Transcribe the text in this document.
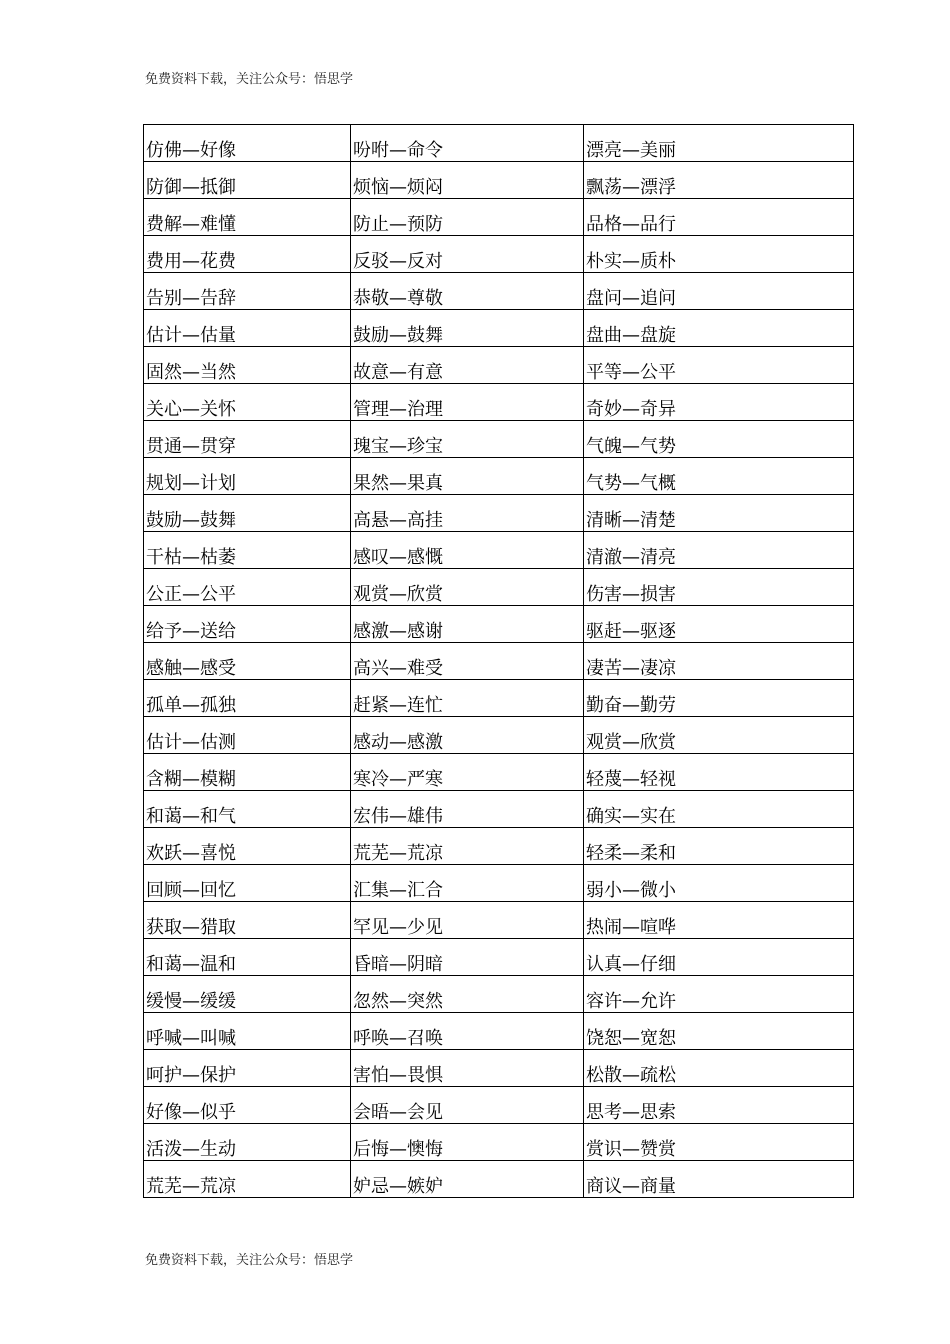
免费资料下载，关注公众号：悟思学
仿佛—好像	吩咐—命令	漂亮—美丽
防御—抵御	烦恼—烦闷	飘荡—漂浮
费解—难懂	防止—预防	品格—品行
费用—花费	反驳—反对	朴实—质朴
告别—告辞	恭敬—尊敬	盘问—追问
估计—估量	鼓励—鼓舞	盘曲—盘旋
固然—当然	故意—有意	平等—公平
关心—关怀	管理—治理	奇妙—奇异
贯通—贯穿	瑰宝—珍宝	气魄—气势
规划—计划	果然—果真	气势—气概
鼓励—鼓舞	高悬—高挂	清晰—清楚
干枯—枯萎	感叹—感慨	清澈—清亮
公正—公平	观赏—欣赏	伤害—损害
给予—送给	感激—感谢	驱赶—驱逐
感触—感受	高兴—难受	凄苦—凄凉
孤单—孤独	赶紧—连忙	勤奋—勤劳
估计—估测	感动—感激	观赏—欣赏
含糊—模糊	寒冷—严寒	轻蔑—轻视
和蔼—和气	宏伟—雄伟	确实—实在
欢跃—喜悦	荒芜—荒凉	轻柔—柔和
回顾—回忆	汇集—汇合	弱小—微小
获取—猎取	罕见—少见	热闹—喧哗
和蔼—温和	昏暗—阴暗	认真—仔细
缓慢—缓缓	忽然—突然	容许—允许
呼喊—叫喊	呼唤—召唤	饶恕—宽恕
呵护—保护	害怕—畏惧	松散—疏松
好像—似乎	会晤—会见	思考—思索
活泼—生动	后悔—懊悔	赏识—赞赏
荒芜—荒凉	妒忌—嫉妒	商议—商量
免费资料下载，关注公众号：悟思学
